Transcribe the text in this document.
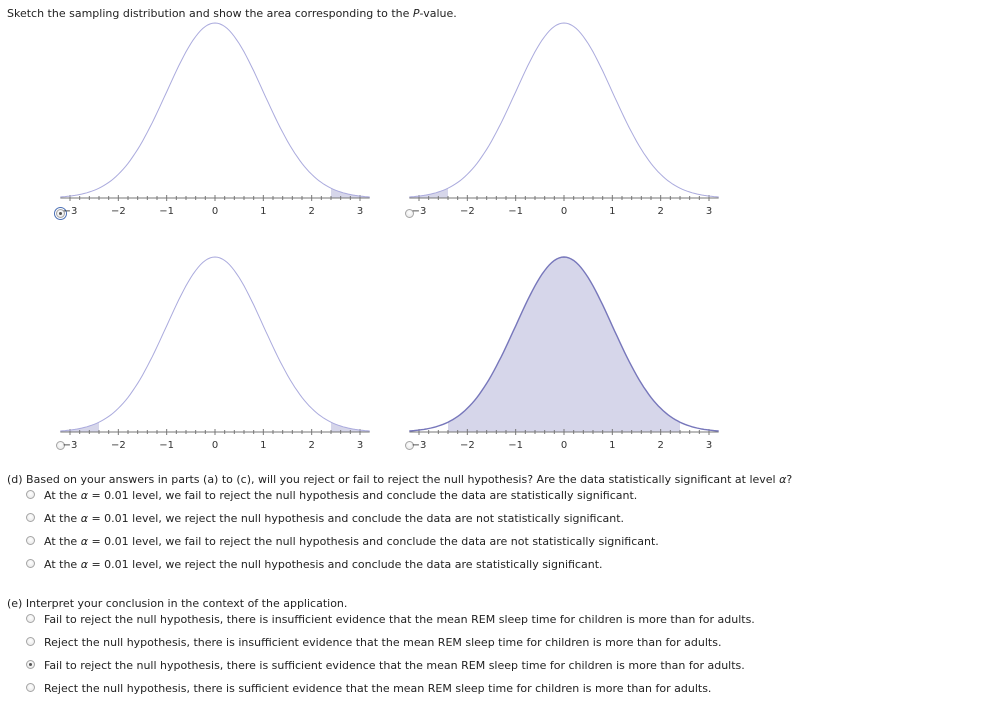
Sketch the sampling distribution and show the area corresponding to the P-value.
−3	−2	−1	0	1	2	3	−3	−2	−1	0	1	2	3
−3	−2	−1	0	1	2	3	−3	−2	−1	0	1	2	3
(d) Based on your answers in parts (a) to (c), will you reject or fail to reject the null hypothesis? Are the data statistically significant at level α?
At the α = 0.01 level, we fail to reject the null hypothesis and conclude the data are statistically significant.
At the α = 0.01 level, we reject the null hypothesis and conclude the data are not statistically significant.
At the α = 0.01 level, we fail to reject the null hypothesis and conclude the data are not statistically significant.
At the α = 0.01 level, we reject the null hypothesis and conclude the data are statistically significant.
(e) Interpret your conclusion in the context of the application.
Fail to reject the null hypothesis, there is insufficient evidence that the mean REM sleep time for children is more than for adults.
Reject the null hypothesis, there is insufficient evidence that the mean REM sleep time for children is more than for adults.
Fail to reject the null hypothesis, there is sufficient evidence that the mean REM sleep time for children is more than for adults.
Reject the null hypothesis, there is sufficient evidence that the mean REM sleep time for children is more than for adults.
